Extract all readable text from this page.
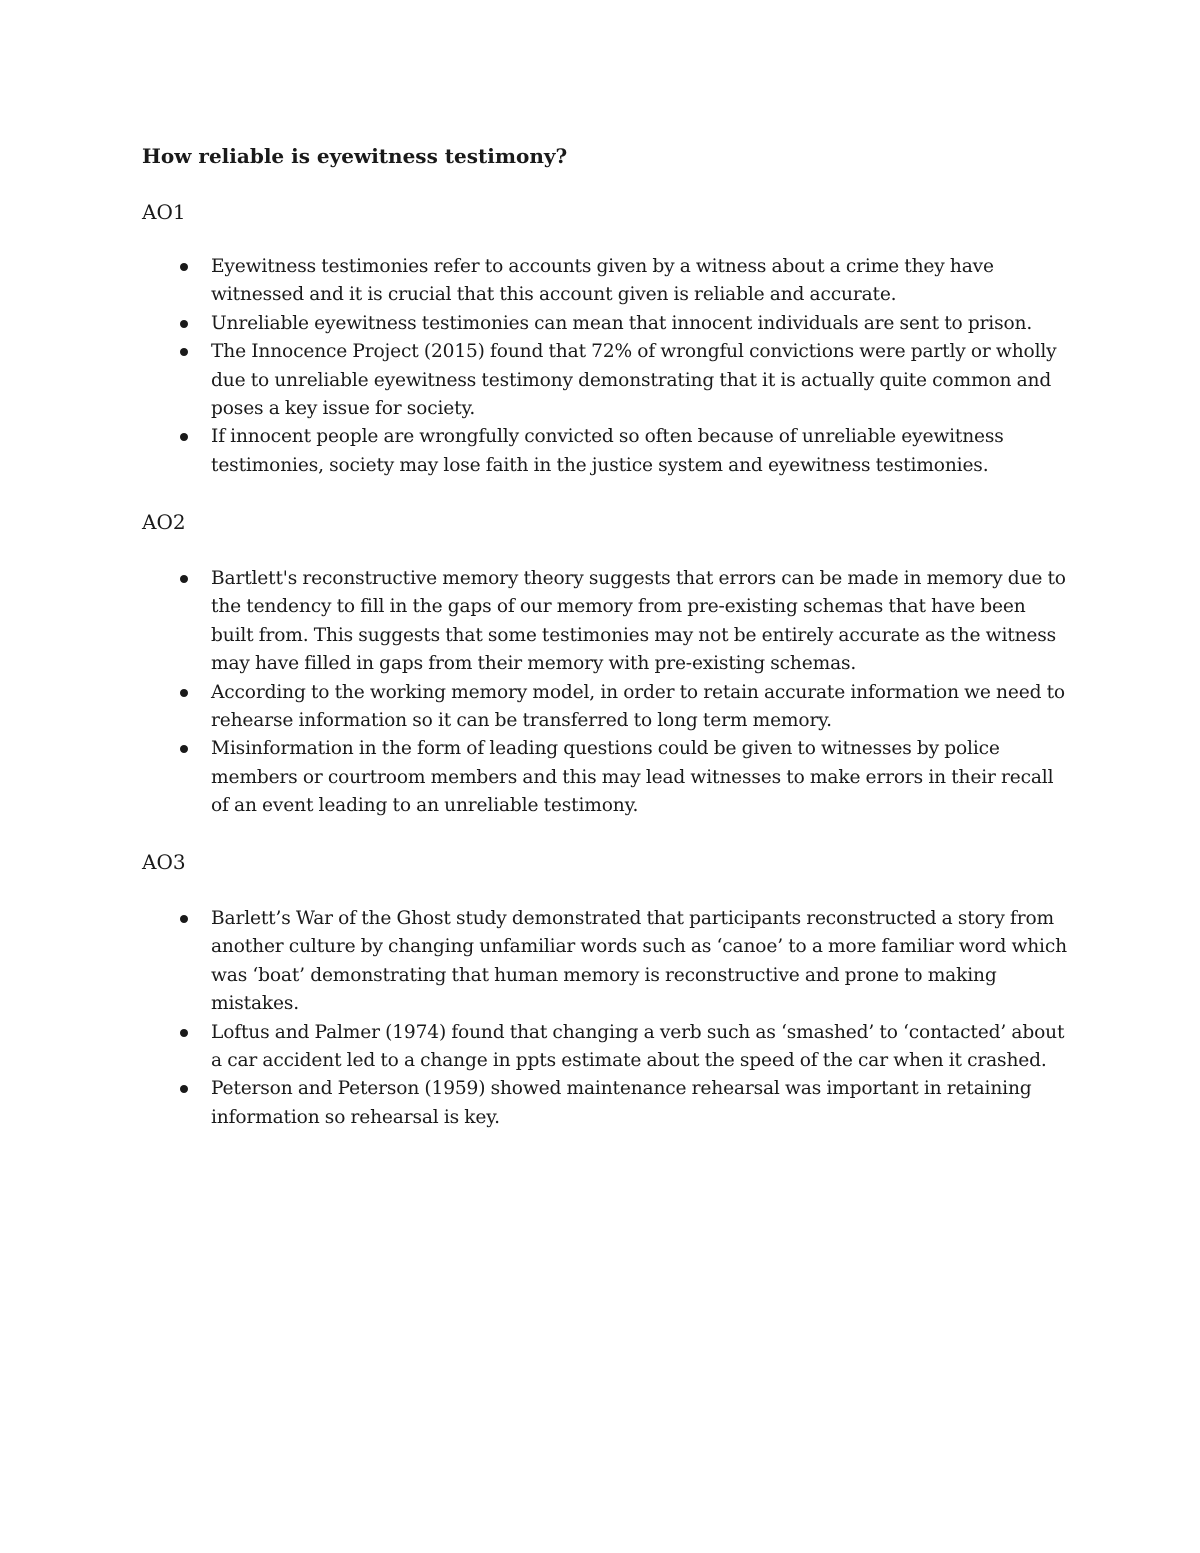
How reliable is eyewitness testimony?
AO1
Eyewitness testimonies refer to accounts given by a witness about a crime they have witnessed and it is crucial that this account given is reliable and accurate.
Unreliable eyewitness testimonies can mean that innocent individuals are sent to prison.
The Innocence Project (2015) found that 72% of wrongful convictions were partly or wholly due to unreliable eyewitness testimony demonstrating that it is actually quite common and poses a key issue for society.
If innocent people are wrongfully convicted so often because of unreliable eyewitness testimonies, society may lose faith in the justice system and eyewitness testimonies.
AO2
Bartlett's reconstructive memory theory suggests that errors can be made in memory due to the tendency to fill in the gaps of our memory from pre-existing schemas that have been built from. This suggests that some testimonies may not be entirely accurate as the witness may have filled in gaps from their memory with pre-existing schemas.
According to the working memory model, in order to retain accurate information we need to rehearse information so it can be transferred to long term memory.
Misinformation in the form of leading questions could be given to witnesses by police members or courtroom members and this may lead witnesses to make errors in their recall of an event leading to an unreliable testimony.
AO3
Barlett’s War of the Ghost study demonstrated that participants reconstructed a story from another culture by changing unfamiliar words such as ‘canoe’ to a more familiar word which was ‘boat’ demonstrating that human memory is reconstructive and prone to making mistakes.
Loftus and Palmer (1974) found that changing a verb such as ‘smashed’ to ‘contacted’ about a car accident led to a change in ppts estimate about the speed of the car when it crashed.
Peterson and Peterson (1959) showed maintenance rehearsal was important in retaining information so rehearsal is key.
